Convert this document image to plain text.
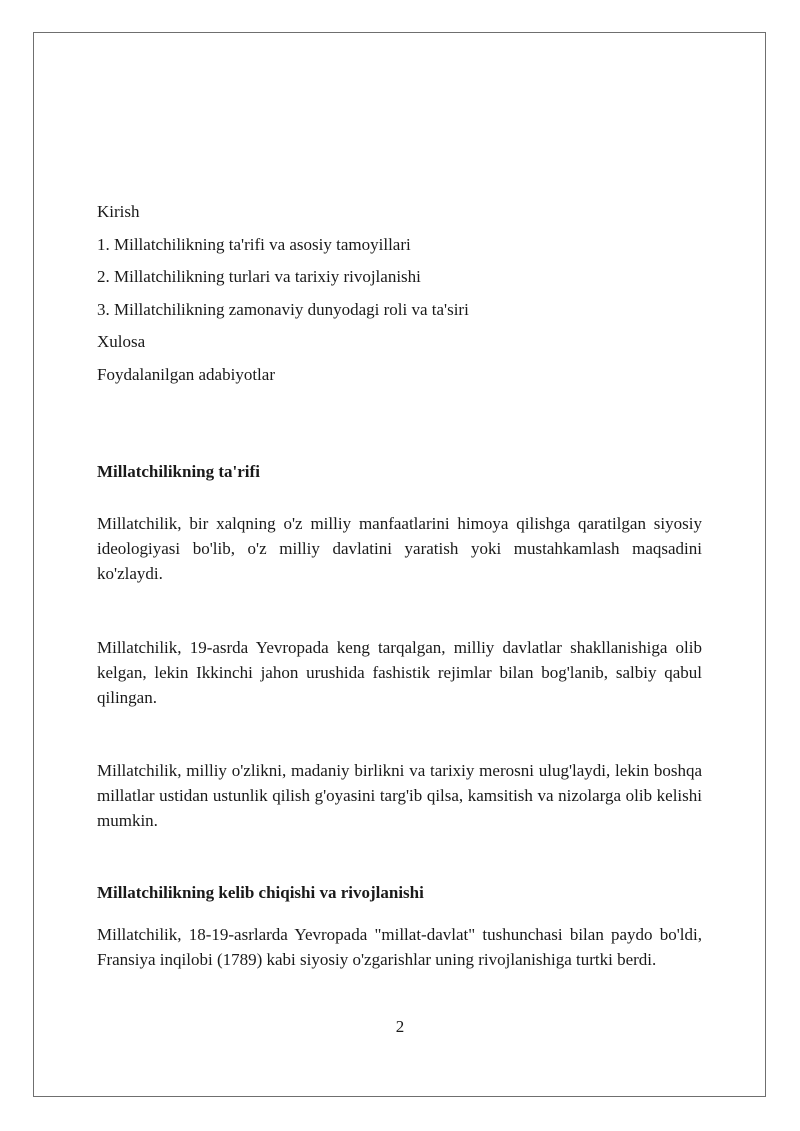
Kirish
1. Millatchilikning ta'rifi va asosiy tamoyillari
2. Millatchilikning turlari va tarixiy rivojlanishi
3. Millatchilikning zamonaviy dunyodagi roli va ta'siri
Xulosa
Foydalanilgan adabiyotlar
Millatchilikning ta'rifi

Millatchilik, bir xalqning o'z milliy manfaatlarini himoya qilishga qaratilgan siyosiy ideologiyasi bo'lib, o'z milliy davlatini yaratish yoki mustahkamlash maqsadini ko'zlaydi.

Millatchilik, 19-asrda Yevropada keng tarqalgan, milliy davlatlar shakllanishiga olib kelgan, lekin Ikkinchi jahon urushida fashistik rejimlar bilan bog'lanib, salbiy qabul qilingan.

Millatchilik, milliy o'zlikni, madaniy birlikni va tarixiy merosni ulug'laydi, lekin boshqa millatlar ustidan ustunlik qilish g'oyasini targ'ib qilsa, kamsitish va nizolarga olib kelishi mumkin.

Millatchilikning kelib chiqishi va rivojlanishi

Millatchilik, 18-19-asrlarda Yevropada "millat-davlat" tushunchasi bilan paydo bo'ldi, Fransiya inqilobi (1789) kabi siyosiy o'zgarishlar uning rivojlanishiga turtki berdi.

2
